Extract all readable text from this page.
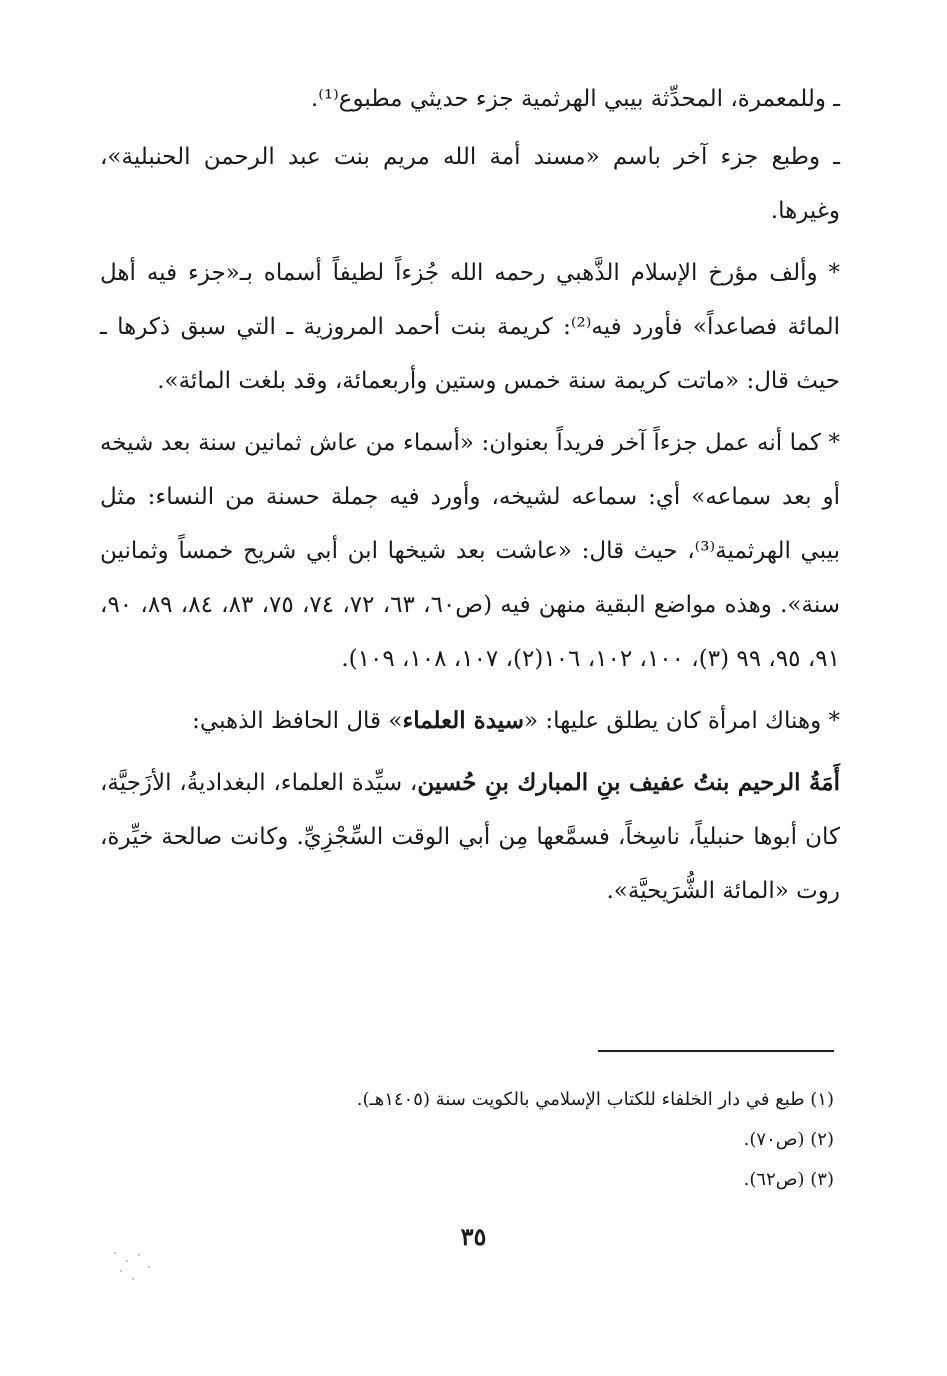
ـ وللمعمرة، المحدِّثة بيبي الهرثمية جزء حديثي مطبوع⁽¹⁾.

ـ وطبع جزء آخر باسم «مسند أمة الله مريم بنت عبد الرحمن الحنبلية»، وغيرها.

* وألف مؤرخ الإسلام الذَّهبي رحمه الله جُزءاً لطيفاً أسماه بـ«جزء فيه أهل المائة فصاعداً» فأورد فيه⁽²⁾: كريمة بنت أحمد المروزية ـ التي سبق ذكرها ـ حيث قال: «ماتت كريمة سنة خمس وستين وأربعمائة، وقد بلغت المائة».

* كما أنه عمل جزءاً آخر فريداً بعنوان: «أسماء من عاش ثمانين سنة بعد شيخه أو بعد سماعه» أي: سماعه لشيخه، وأورد فيه جملة حسنة من النساء: مثل بيبي الهرثمية⁽³⁾، حيث قال: «عاشت بعد شيخها ابن أبي شريح خمساً وثمانين سنة». وهذه مواضع البقية منهن فيه (ص٦٠، ٦٣، ٧٢، ٧٤، ٧٥، ٨٣، ٨٤، ٨٩، ٩٠، ٩١، ٩٥، ٩٩ (٣)، ١٠٠، ١٠٢، ١٠٦(٢)، ١٠٧، ١٠٨، ١٠٩).

* وهناك امرأة كان يطلق عليها: «سيدة العلماء» قال الحافظ الذهبي:

أَمَةُ الرحيم بنتُ عفيف بنِ المبارك بنِ حُسين، سيِّدة العلماء، البغداديةُ، الأزَجيَّة، كان أبوها حنبلياً، ناسِخاً، فسمَّعها مِن أبي الوقت السِّجْزِيِّ. وكانت صالحة خيِّرة، روت «المائة الشُّرَيحيَّة».

(١) طبع في دار الخلفاء للكتاب الإسلامي بالكويت سنة (١٤٠٥هـ).
(٢) (ص٧٠).
(٣) (ص٦٢).
٣٥
